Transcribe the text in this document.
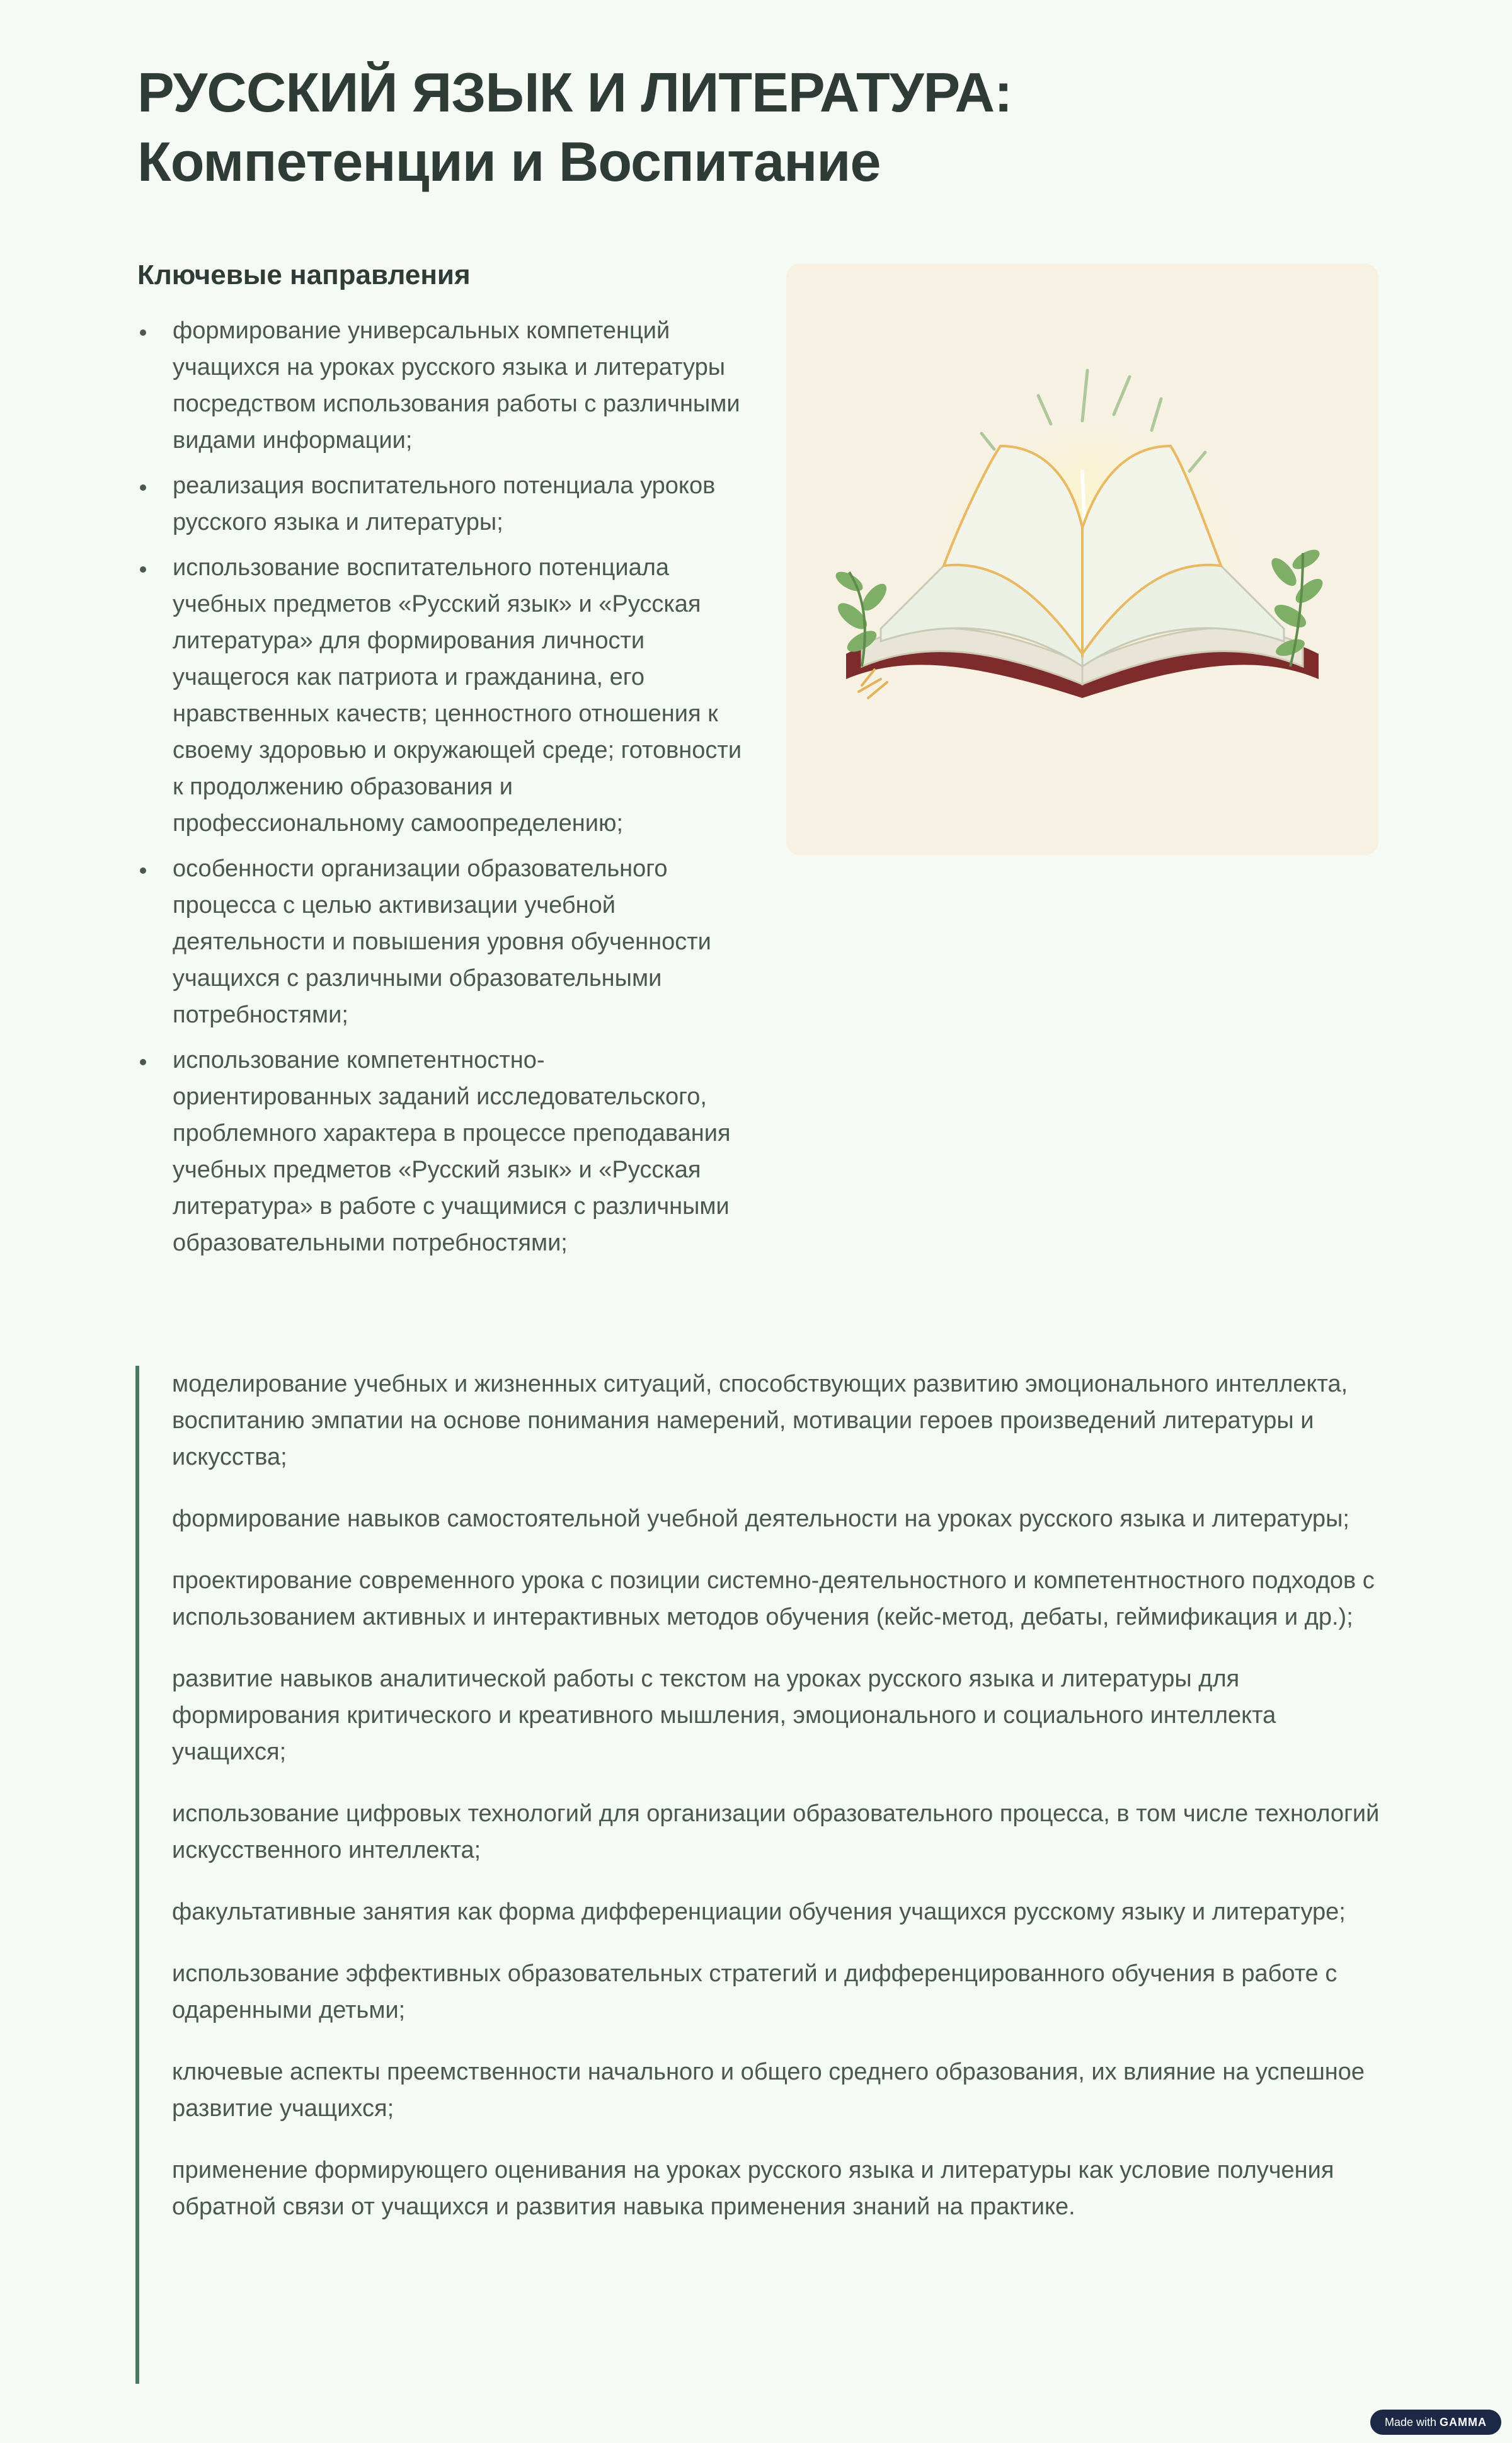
РУССКИЙ ЯЗЫК И ЛИТЕРАТУРА:
Компетенции и Воспитание
Ключевые направления
формирование универсальных компетенций учащихся на уроках русского языка и литературы посредством использования работы с различными видами информации;
реализация воспитательного потенциала уроков русского языка и литературы;
использование воспитательного потенциала учебных предметов «Русский язык» и «Русская литература» для формирования личности учащегося как патриота и гражданина, его нравственных качеств; ценностного отношения к своему здоровью и окружающей среде; готовности к продолжению образования и профессиональному самоопределению;
особенности организации образовательного процесса с целью активизации учебной деятельности и повышения уровня обученности учащихся с различными образовательными потребностями;
использование компетентностно-ориентированных заданий исследовательского, проблемного характера в процессе преподавания учебных предметов «Русский язык» и «Русская литература» в работе с учащимися с различными образовательными потребностями;

моделирование учебных и жизненных ситуаций, способствующих развитию эмоционального интеллекта, воспитанию эмпатии на основе понимания намерений, мотивации героев произведений литературы и искусства;

формирование навыков самостоятельной учебной деятельности на уроках русского языка и литературы;

проектирование современного урока с позиции системно-деятельностного и компетентностного подходов с использованием активных и интерактивных методов обучения (кейс-метод, дебаты, геймификация и др.);

развитие навыков аналитической работы с текстом на уроках русского языка и литературы для формирования критического и креативного мышления, эмоционального и социального интеллекта учащихся;

использование цифровых технологий для организации образовательного процесса, в том числе технологий искусственного интеллекта;

факультативные занятия как форма дифференциации обучения учащихся русскому языку и литературе;

использование эффективных образовательных стратегий и дифференцированного обучения в работе с одаренными детьми;

ключевые аспекты преемственности начального и общего среднего образования, их влияние на успешное развитие учащихся;

применение формирующего оценивания на уроках русского языка и литературы как условие получения обратной связи от учащихся и развития навыка применения знаний на практике.

Made with GAMMA
